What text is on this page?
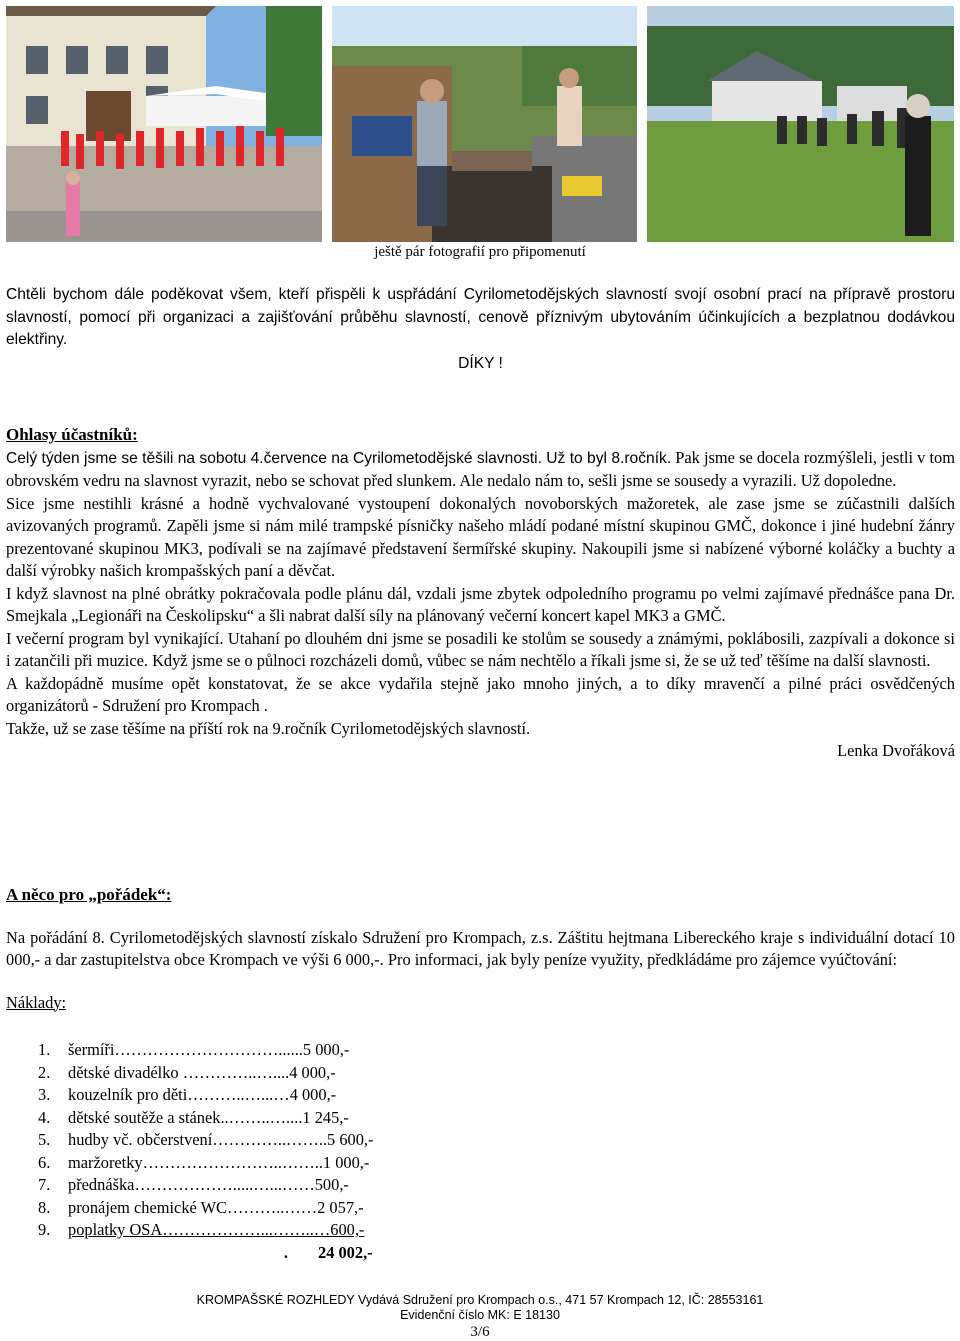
ještě pár fotografií pro připomenutí

Chtěli bychom dále poděkovat všem, kteří přispěli k uspřádání Cyrilometodějských slavností svojí osobní prací na přípravě prostoru slavností, pomocí při organizaci a zajišťování průběhu slavností, cenově příznivým ubytováním účinkujících a bezplatnou dodávkou elektřiny.

DÍKY !

Ohlasy účastníků:

Celý týden jsme se těšili na sobotu 4.července na Cyrilometodějské slavnosti. Už to byl 8.ročník. Pak jsme se docela rozmýšleli, jestli v tom obrovském vedru na slavnost vyrazit, nebo se schovat před slunkem. Ale nedalo nám to, sešli jsme se sousedy a vyrazili. Už dopoledne.

Sice jsme nestihli krásné a hodně vychvalované vystoupení dokonalých novoborských mažoretek, ale zase jsme se zúčastnili dalších avizovaných programů. Zapěli jsme si nám milé trampské písničky našeho mládí podané místní skupinou GMČ, dokonce i jiné hudební žánry prezentované skupinou MK3, podívali se na zajímavé představení šermířské skupiny. Nakoupili jsme si nabízené výborné koláčky a buchty a další výrobky našich krompašských paní a děvčat.

I když slavnost na plné obrátky pokračovala podle plánu dál, vzdali jsme zbytek odpoledního programu po velmi zajímavé přednášce pana Dr. Smejkala „Legionáři na Českolipsku“ a šli nabrat další síly na plánovaný večerní koncert kapel MK3 a GMČ.

I večerní program byl vynikající. Utahaní po dlouhém dni jsme se posadili ke stolům se sousedy a známými, poklábosili, zazpívali a dokonce si i zatančili při muzice. Když jsme se o půlnoci rozcházeli domů, vůbec se nám nechtělo a říkali jsme si, že se už teď těšíme na další slavnosti.

A každopádně musíme opět konstatovat, že se akce vydařila stejně jako mnoho jiných, a to díky mravenčí a pilné práci osvědčených organizátorů - Sdružení pro Krompach .

Takže, už se zase těšíme na příští rok na 9.ročník Cyrilometodějských slavností.

Lenka Dvořáková

A něco pro „pořádek“:

Na pořádání 8. Cyrilometodějských slavností získalo Sdružení pro Krompach, z.s. Záštitu hejtmana Libereckého kraje s individuální dotací 10 000,- a dar zastupitelstva obce Krompach ve výši 6 000,-. Pro informaci, jak byly peníze využity, předkládáme pro zájemce vyúčtování:

Náklady:

1.	šermíři…………………………......5 000,-
2.	dětské divadélko …………..…....4 000,-
3.	kouzelník pro děti………..…...…4 000,-
4.	dětské soutěže a stánek..……..…....1 245,-
5.	hudby vč. občerstvení…………..……..5 600,-
6.	maržoretky……………………..……..1 000,-
7.	přednáška……………….....…...……500,-
8.	pronájem chemické WC………..……2 057,-
9.	poplatky OSA………………...……..…600,-
.	24 002,-
KROMPAŠSKÉ ROZHLEDY Vydává Sdružení pro Krompach o.s., 471 57 Krompach 12, IČ: 28553161
Evidenční číslo MK: E 18130
3/6
